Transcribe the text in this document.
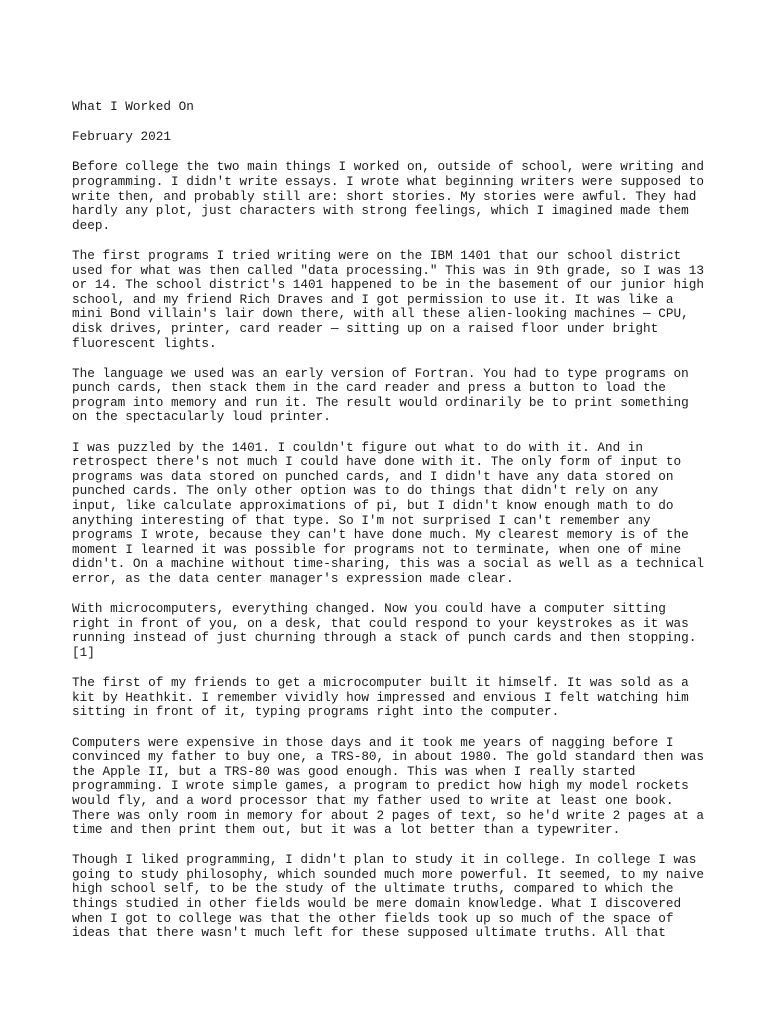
What I Worked On
February 2021
Before college the two main things I worked on, outside of school, were writing and
programming. I didn't write essays. I wrote what beginning writers were supposed to
write then, and probably still are: short stories. My stories were awful. They had
hardly any plot, just characters with strong feelings, which I imagined made them
deep.
The first programs I tried writing were on the IBM 1401 that our school district
used for what was then called "data processing." This was in 9th grade, so I was 13
or 14. The school district's 1401 happened to be in the basement of our junior high
school, and my friend Rich Draves and I got permission to use it. It was like a
mini Bond villain's lair down there, with all these alien-looking machines — CPU,
disk drives, printer, card reader — sitting up on a raised floor under bright
fluorescent lights.
The language we used was an early version of Fortran. You had to type programs on
punch cards, then stack them in the card reader and press a button to load the
program into memory and run it. The result would ordinarily be to print something
on the spectacularly loud printer.
I was puzzled by the 1401. I couldn't figure out what to do with it. And in
retrospect there's not much I could have done with it. The only form of input to
programs was data stored on punched cards, and I didn't have any data stored on
punched cards. The only other option was to do things that didn't rely on any
input, like calculate approximations of pi, but I didn't know enough math to do
anything interesting of that type. So I'm not surprised I can't remember any
programs I wrote, because they can't have done much. My clearest memory is of the
moment I learned it was possible for programs not to terminate, when one of mine
didn't. On a machine without time-sharing, this was a social as well as a technical
error, as the data center manager's expression made clear.
With microcomputers, everything changed. Now you could have a computer sitting
right in front of you, on a desk, that could respond to your keystrokes as it was
running instead of just churning through a stack of punch cards and then stopping.
[1]
The first of my friends to get a microcomputer built it himself. It was sold as a
kit by Heathkit. I remember vividly how impressed and envious I felt watching him
sitting in front of it, typing programs right into the computer.
Computers were expensive in those days and it took me years of nagging before I
convinced my father to buy one, a TRS-80, in about 1980. The gold standard then was
the Apple II, but a TRS-80 was good enough. This was when I really started
programming. I wrote simple games, a program to predict how high my model rockets
would fly, and a word processor that my father used to write at least one book.
There was only room in memory for about 2 pages of text, so he'd write 2 pages at a
time and then print them out, but it was a lot better than a typewriter.
Though I liked programming, I didn't plan to study it in college. In college I was
going to study philosophy, which sounded much more powerful. It seemed, to my naive
high school self, to be the study of the ultimate truths, compared to which the
things studied in other fields would be mere domain knowledge. What I discovered
when I got to college was that the other fields took up so much of the space of
ideas that there wasn't much left for these supposed ultimate truths. All that
